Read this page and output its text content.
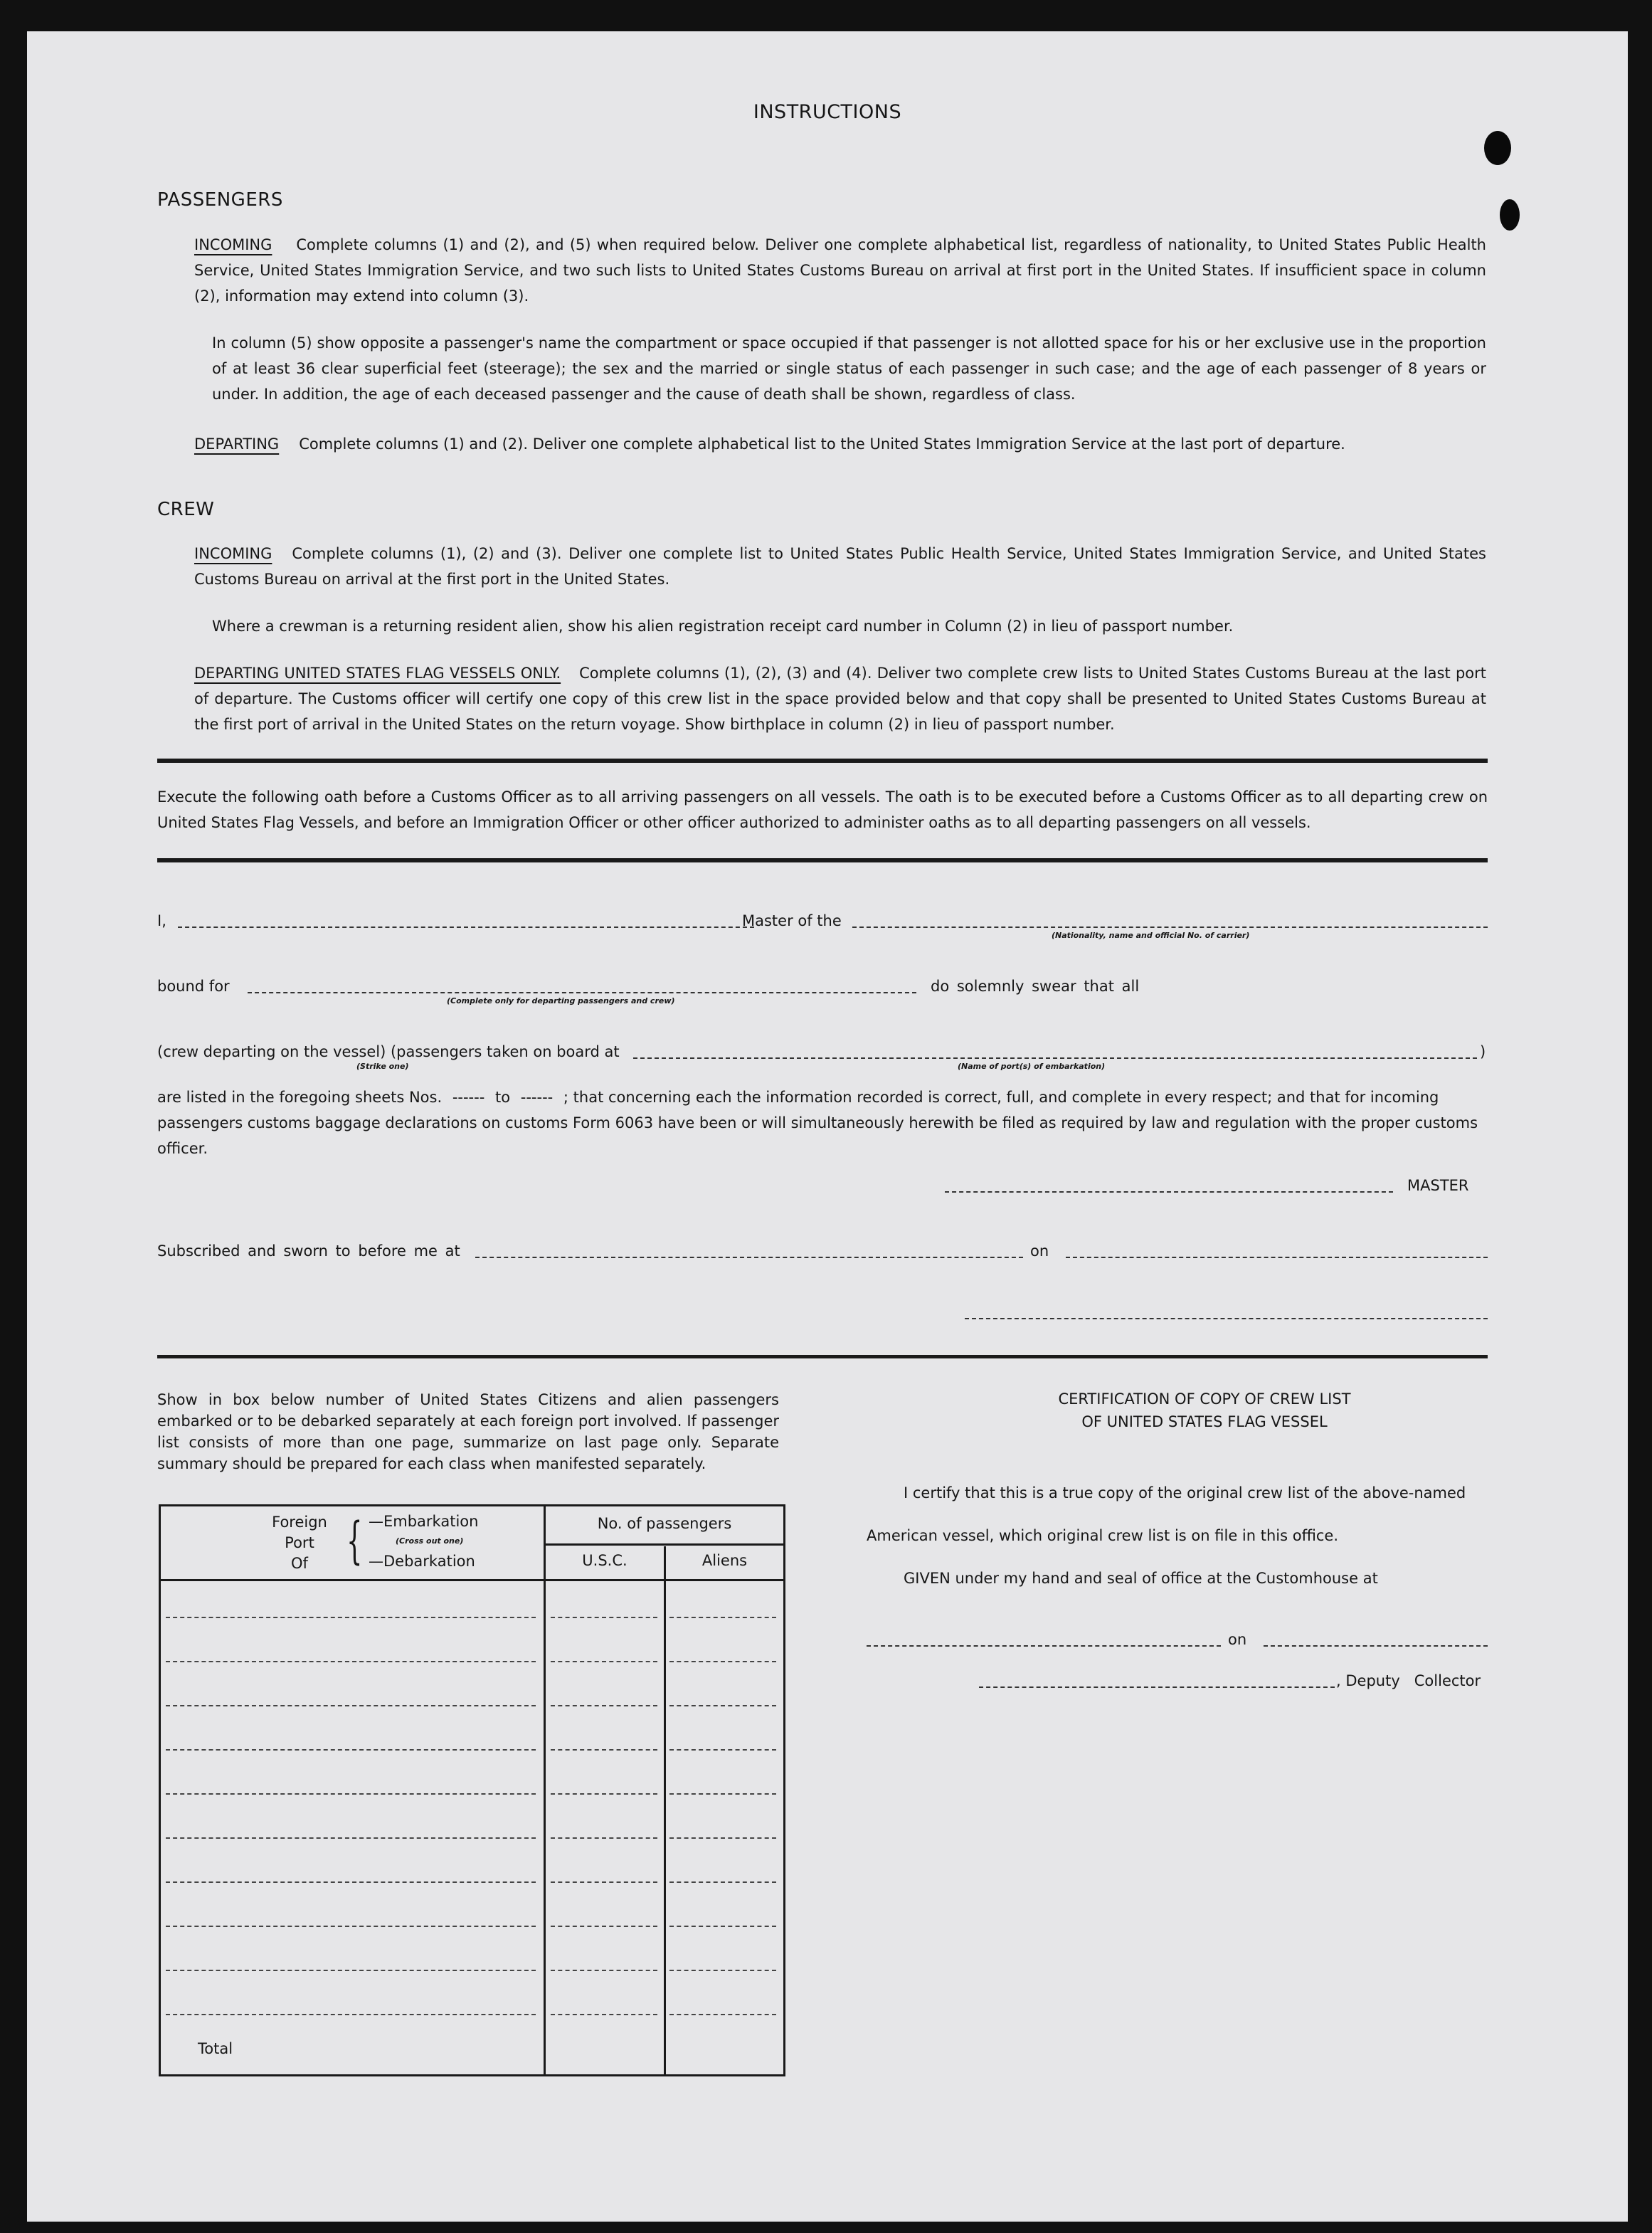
INSTRUCTIONS
PASSENGERS
INCOMING Complete columns (1) and (2), and (5) when required below. Deliver one complete alphabetical list, regardless of nationality, to United States Public Health Service, United States Immigration Service, and two such lists to United States Customs Bureau on arrival at first port in the United States. If insufficient space in column (2), information may extend into column (3).
In column (5) show opposite a passenger's name the compartment or space occupied if that passenger is not allotted space for his or her exclusive use in the proportion of at least 36 clear superficial feet (steerage); the sex and the married or single status of each passenger in such case; and the age of each passenger of 8 years or under. In addition, the age of each deceased passenger and the cause of death shall be shown, regardless of class.
DEPARTING Complete columns (1) and (2). Deliver one complete alphabetical list to the United States Immigration Service at the last port of departure.
CREW
INCOMING Complete columns (1), (2) and (3). Deliver one complete list to United States Public Health Service, United States Immigration Service, and United States Customs Bureau on arrival at the first port in the United States.
Where a crewman is a returning resident alien, show his alien registration receipt card number in Column (2) in lieu of passport number.
DEPARTING UNITED STATES FLAG VESSELS ONLY. Complete columns (1), (2), (3) and (4). Deliver two complete crew lists to United States Customs Bureau at the last port of departure. The Customs officer will certify one copy of this crew list in the space provided below and that copy shall be presented to United States Customs Bureau at the first port of arrival in the United States on the return voyage. Show birthplace in column (2) in lieu of passport number.
Execute the following oath before a Customs Officer as to all arriving passengers on all vessels. The oath is to be executed before a Customs Officer as to all departing crew on United States Flag Vessels, and before an Immigration Officer or other officer authorized to administer oaths as to all departing passengers on all vessels.
I,	Master of the
(Nationality, name and official No. of carrier)
bound for
(Complete only for departing passengers and crew)
do solemnly swear that all
(crew departing on the vessel) (passengers taken on board at
(Strike one)	(Name of port(s) of embarkation)
)
are listed in the foregoing sheets Nos. ------ to ------ ; that concerning each the information recorded is correct, full, and complete in every respect; and that for incoming passengers customs baggage declarations on customs Form 6063 have been or will simultaneously herewith be filed as required by law and regulation with the proper customs officer.
MASTER
Subscribed and sworn to before me at	on
Show in box below number of United States Citizens and alien passengers embarked or to be debarked separately at each foreign port involved. If passenger list consists of more than one page, summarize on last page only. Separate summary should be prepared for each class when manifested separately.
Foreign
Port
Of { —Embarkation
(Cross out one)
—Debarkation
No. of passengers
U.S.C.	Aliens
Total
CERTIFICATION OF COPY OF CREW LIST
OF UNITED STATES FLAG VESSEL
I certify that this is a true copy of the original crew list of the above-named
American vessel, which original crew list is on file in this office.
GIVEN under my hand and seal of office at the Customhouse at
on
, Deputy   Collector
